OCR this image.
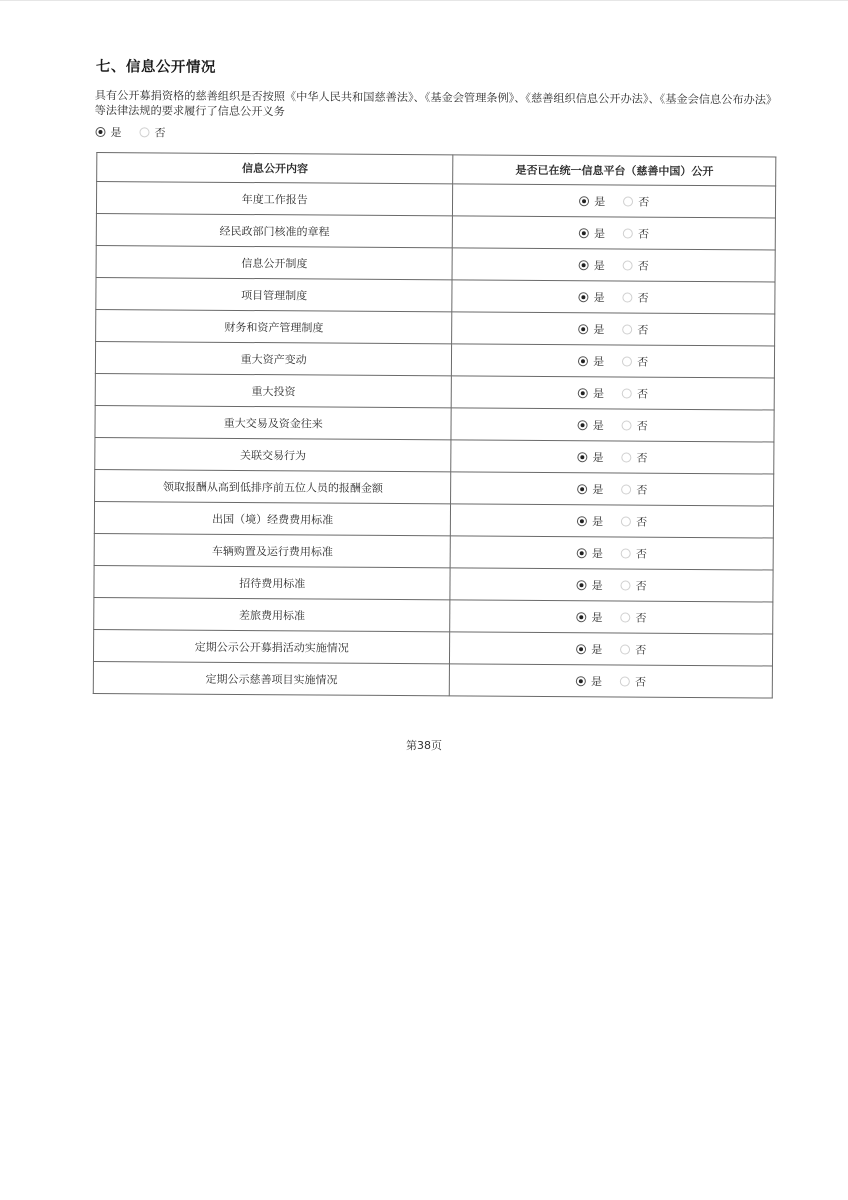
七、信息公开情况
具有公开募捐资格的慈善组织是否按照《中华人民共和国慈善法》、《基金会管理条例》、《慈善组织信息公开办法》、《基金会信息公布办法》等法律法规的要求履行了信息公开义务
是	否
信息公开内容	是否已在统一信息平台（慈善中国）公开
年度工作报告	是 否

经民政部门核准的章程	是 否

信息公开制度	是 否

项目管理制度	是 否

财务和资产管理制度	是 否

重大资产变动	是 否

重大投资	是 否

重大交易及资金往来	是 否

关联交易行为	是 否

领取报酬从高到低排序前五位人员的报酬金额	是 否

出国（境）经费费用标准	是 否

车辆购置及运行费用标准	是 否

招待费用标准	是 否

差旅费用标准	是 否

定期公示公开募捐活动实施情况	是 否

定期公示慈善项目实施情况	是 否
第38页
